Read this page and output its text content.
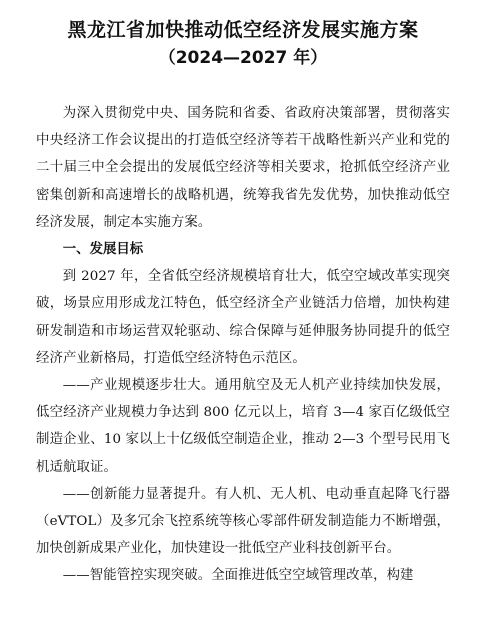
黑龙江省加快推动低空经济发展实施方案
（2024—2027 年）

为深入贯彻党中央、国务院和省委、省政府决策部署，贯彻落实中央经济工作会议提出的打造低空经济等若干战略性新兴产业和党的二十届三中全会提出的发展低空经济等相关要求，抢抓低空经济产业密集创新和高速增长的战略机遇，统筹我省先发优势，加快推动低空经济发展，制定本实施方案。

一、发展目标

到 2027 年，全省低空经济规模培育壮大，低空空域改革实现突破，场景应用形成龙江特色，低空经济全产业链活力倍增，加快构建研发制造和市场运营双轮驱动、综合保障与延伸服务协同提升的低空经济产业新格局，打造低空经济特色示范区。

——产业规模逐步壮大。通用航空及无人机产业持续加快发展，低空经济产业规模力争达到 800 亿元以上，培育 3—4 家百亿级低空制造企业、10 家以上十亿级低空制造企业，推动 2—3 个型号民用飞机适航取证。

——创新能力显著提升。有人机、无人机、电动垂直起降飞行器（eVTOL）及多冗余飞控系统等核心零部件研发制造能力不断增强，加快创新成果产业化，加快建设一批低空产业科技创新平台。

——智能管控实现突破。全面推进低空空域管理改革，构建
